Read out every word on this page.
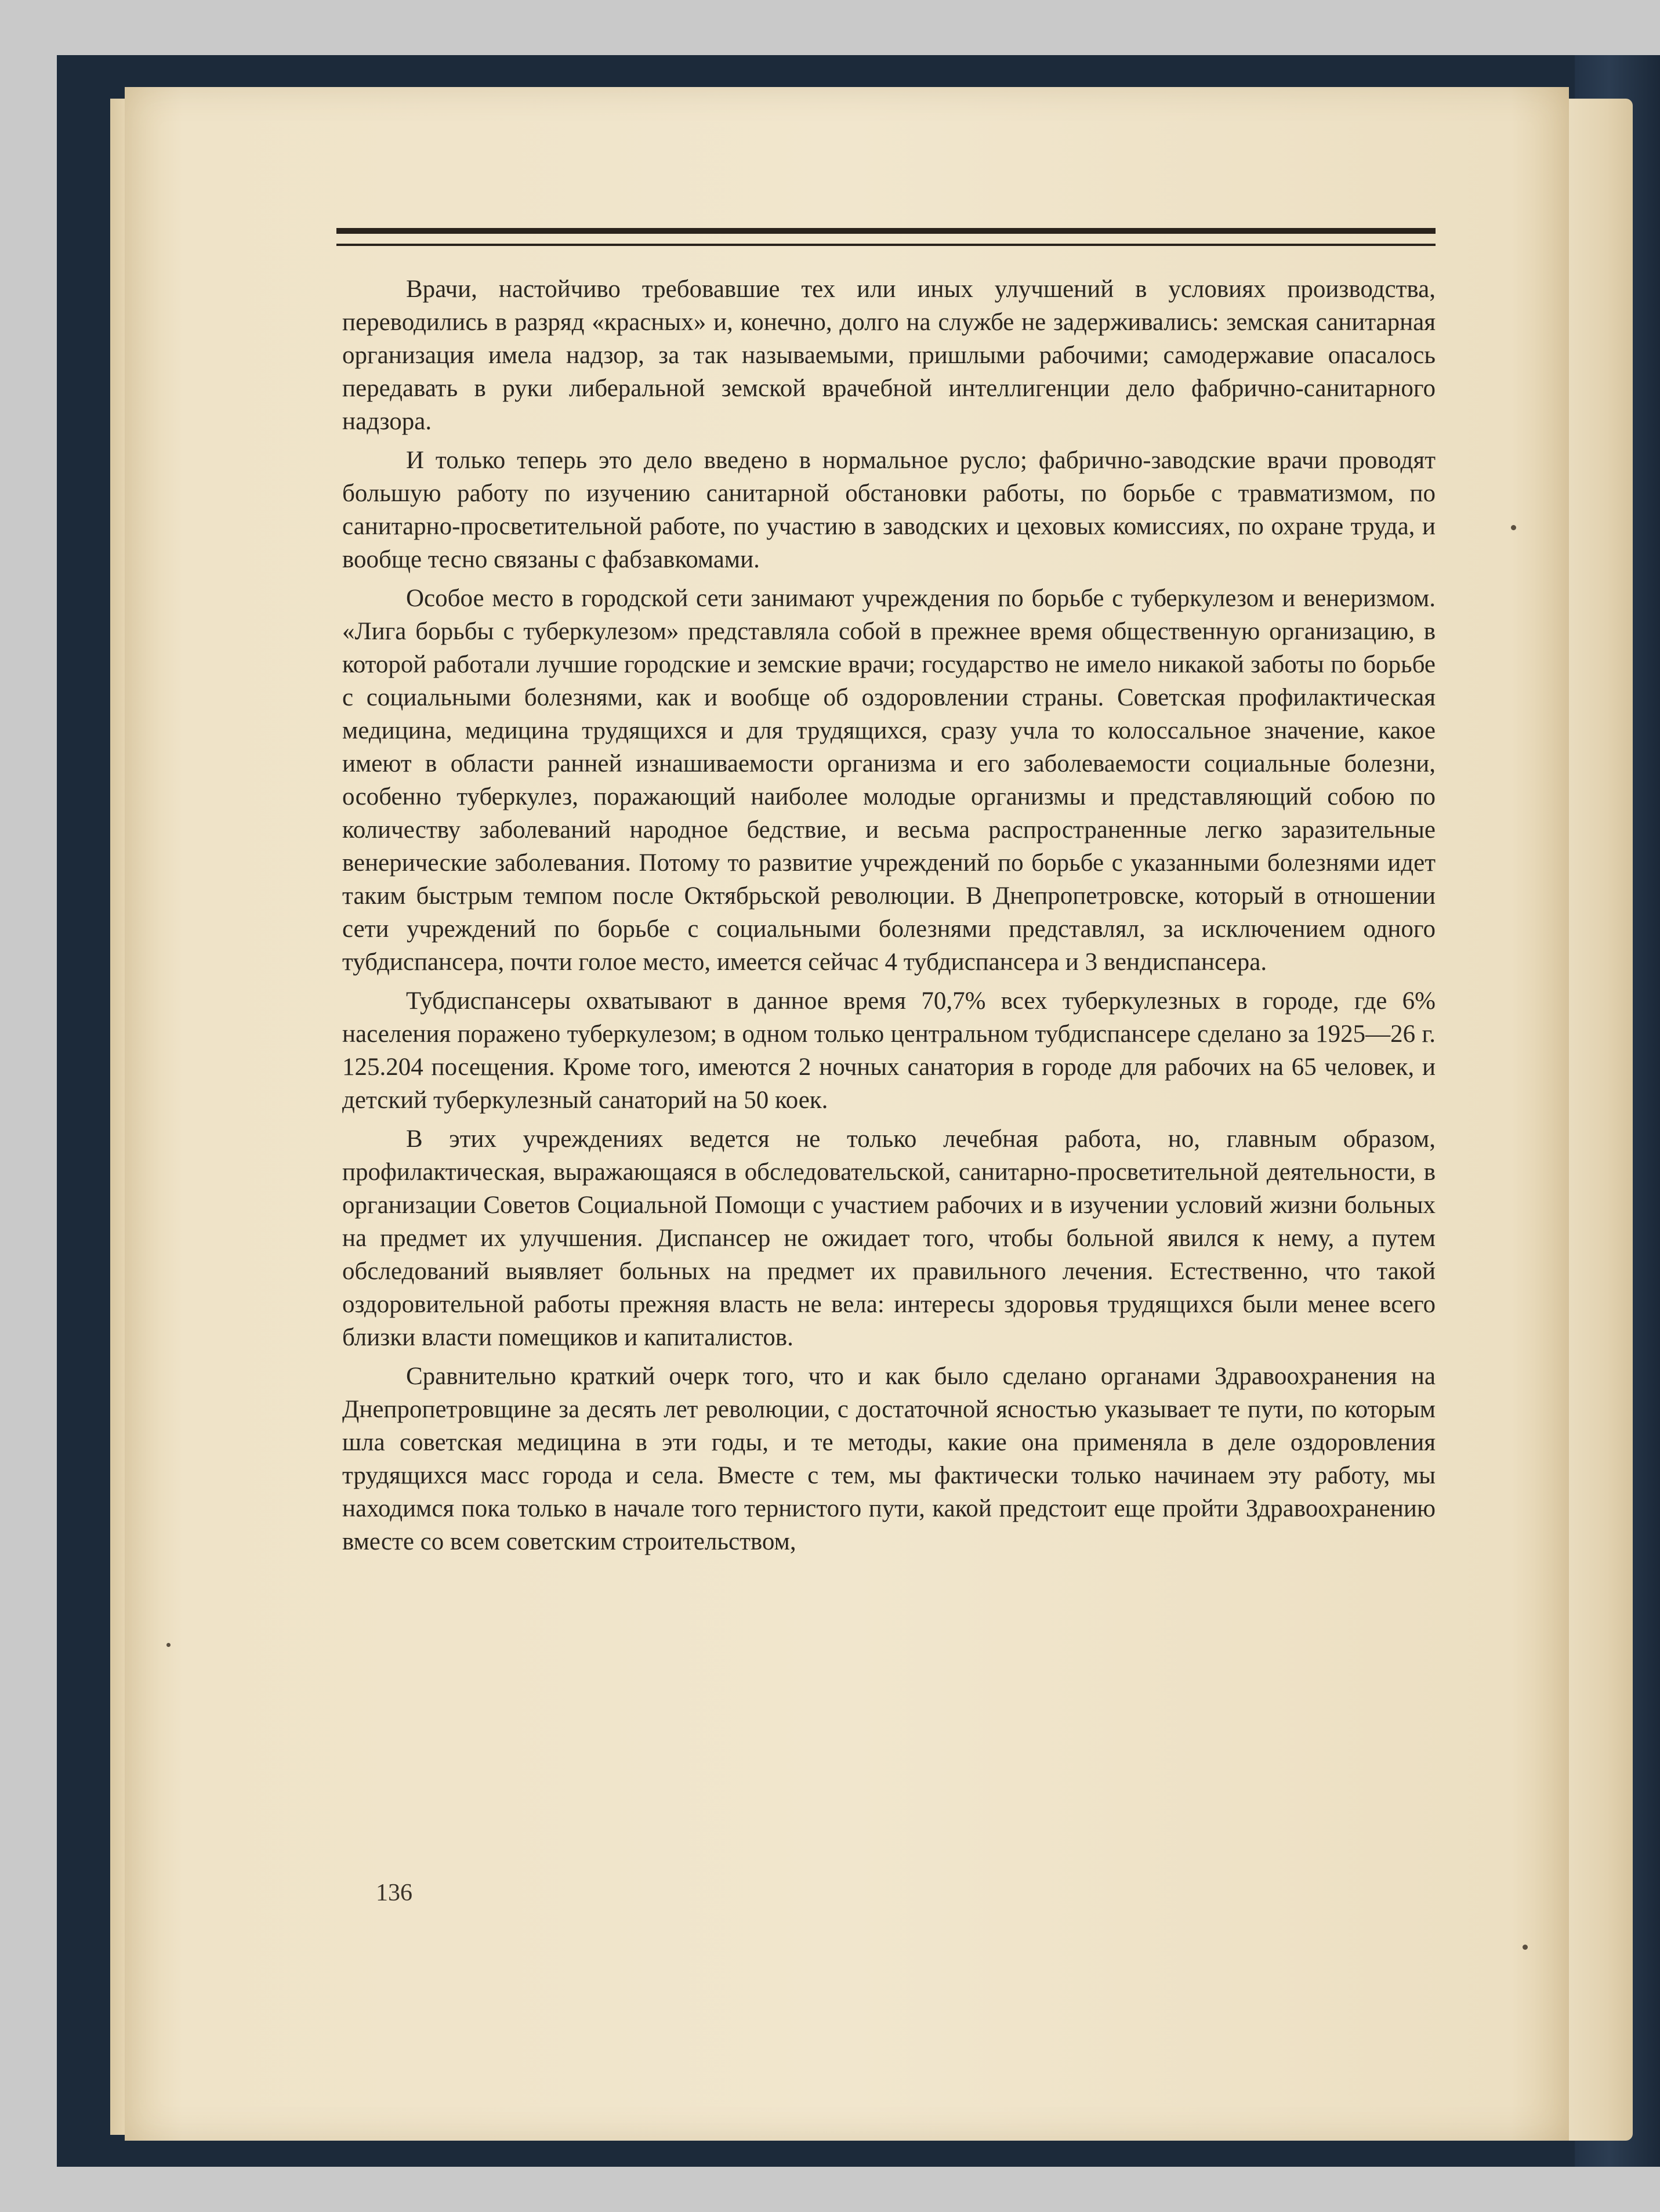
Врачи, настойчиво требовавшие тех или иных улучшений в условиях производства, переводились в разряд «красных» и, конечно, долго на службе не задерживались: земская санитарная организация имела надзор, за так называемыми, пришлыми рабочими; самодержавие опасалось передавать в руки либеральной земской врачебной интеллигенции дело фабрично-санитарного надзора.

И только теперь это дело введено в нормальное русло; фабрично-заводские врачи проводят большую работу по изучению санитарной обстановки работы, по борьбе с травматизмом, по санитарно-просветительной работе, по участию в заводских и цеховых комиссиях, по охране труда, и вообще тесно связаны с фабзавкомами.

Особое место в городской сети занимают учреждения по борьбе с туберкулезом и венеризмом. «Лига борьбы с туберкулезом» представляла собой в прежнее время общественную организацию, в которой работали лучшие городские и земские врачи; государство не имело никакой заботы по борьбе с социальными болезнями, как и вообще об оздоровлении страны. Советская профилактическая медицина, медицина трудящихся и для трудящихся, сразу учла то колоссальное значение, какое имеют в области ранней изнашиваемости организма и его заболеваемости социальные болезни, особенно туберкулез, поражающий наиболее молодые организмы и представляющий собою по количеству заболеваний народное бедствие, и весьма распространенные легко заразительные венерические заболевания. Потому то развитие учреждений по борьбе с указанными болезнями идет таким быстрым темпом после Октябрьской революции. В Днепропетровске, который в отношении сети учреждений по борьбе с социальными болезнями представлял, за исключением одного тубдиспансера, почти голое место, имеется сейчас 4 тубдиспансера и 3 вендиспансера.

Тубдиспансеры охватывают в данное время 70,7% всех туберкулезных в городе, где 6% населения поражено туберкулезом; в одном только центральном тубдиспансере сделано за 1925—26 г. 125.204 посещения. Кроме того, имеются 2 ночных санатория в городе для рабочих на 65 человек, и детский туберкулезный санаторий на 50 коек.

В этих учреждениях ведется не только лечебная работа, но, главным образом, профилактическая, выражающаяся в обследовательской, санитарно-просветительной деятельности, в организации Советов Социальной Помощи с участием рабочих и в изучении условий жизни больных на предмет их улучшения. Диспансер не ожидает того, чтобы больной явился к нему, а путем обследований выявляет больных на предмет их правильного лечения. Естественно, что такой оздоровительной работы прежняя власть не вела: интересы здоровья трудящихся были менее всего близки власти помещиков и капиталистов.

Сравнительно краткий очерк того, что и как было сделано органами Здравоохранения на Днепропетровщине за десять лет революции, с достаточной ясностью указывает те пути, по которым шла советская медицина в эти годы, и те методы, какие она применяла в деле оздоровления трудящихся масс города и села. Вместе с тем, мы фактически только начинаем эту работу, мы находимся пока только в начале того тернистого пути, какой предстоит еще пройти Здравоохранению вместе со всем советским строительством,

136
